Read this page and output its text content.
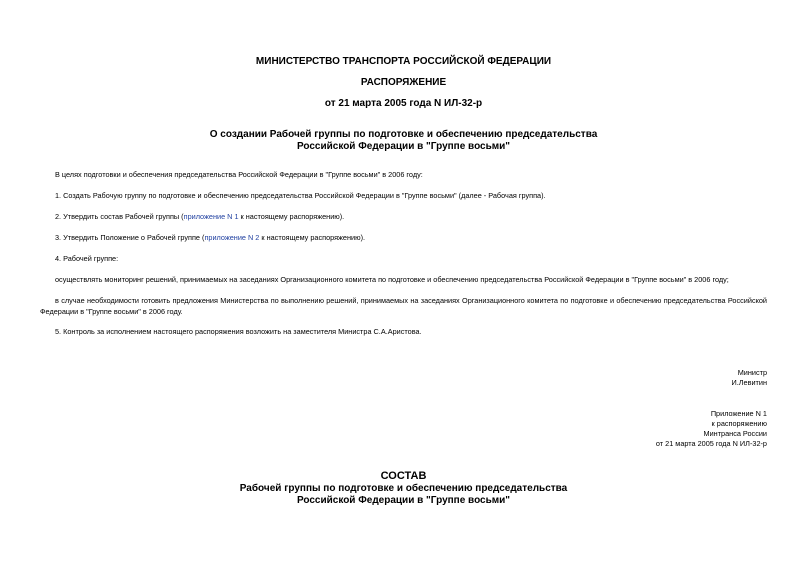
МИНИСТЕРСТВО ТРАНСПОРТА РОССИЙСКОЙ ФЕДЕРАЦИИ
РАСПОРЯЖЕНИЕ
от 21 марта 2005 года N ИЛ-32-р
О создании Рабочей группы по подготовке и обеспечению председательства
Российской Федерации в "Группе восьми"
В целях подготовки и обеспечения председательства Российской Федерации в "Группе восьми" в 2006 году:
1. Создать Рабочую группу по подготовке и обеспечению председательства Российской Федерации в "Группе восьми" (далее - Рабочая группа).
2. Утвердить состав Рабочей группы (приложение N 1 к настоящему распоряжению).
3. Утвердить Положение о Рабочей группе (приложение N 2 к настоящему распоряжению).
4. Рабочей группе:
осуществлять мониторинг решений, принимаемых на заседаниях Организационного комитета по подготовке и обеспечению председательства Российской Федерации в "Группе восьми" в 2006 году;
в случае необходимости готовить предложения Министерства по выполнению решений, принимаемых на заседаниях Организационного комитета по подготовке и обеспечению председательства Российской Федерации в "Группе восьми" в 2006 году.
5. Контроль за исполнением настоящего распоряжения возложить на заместителя Министра С.А.Аристова.
Министр
И.Левитин
Приложение N 1
к распоряжению
Минтранса России
от 21 марта 2005 года N ИЛ-32-р
СОСТАВ
Рабочей группы по подготовке и обеспечению председательства
Российской Федерации в "Группе восьми"
